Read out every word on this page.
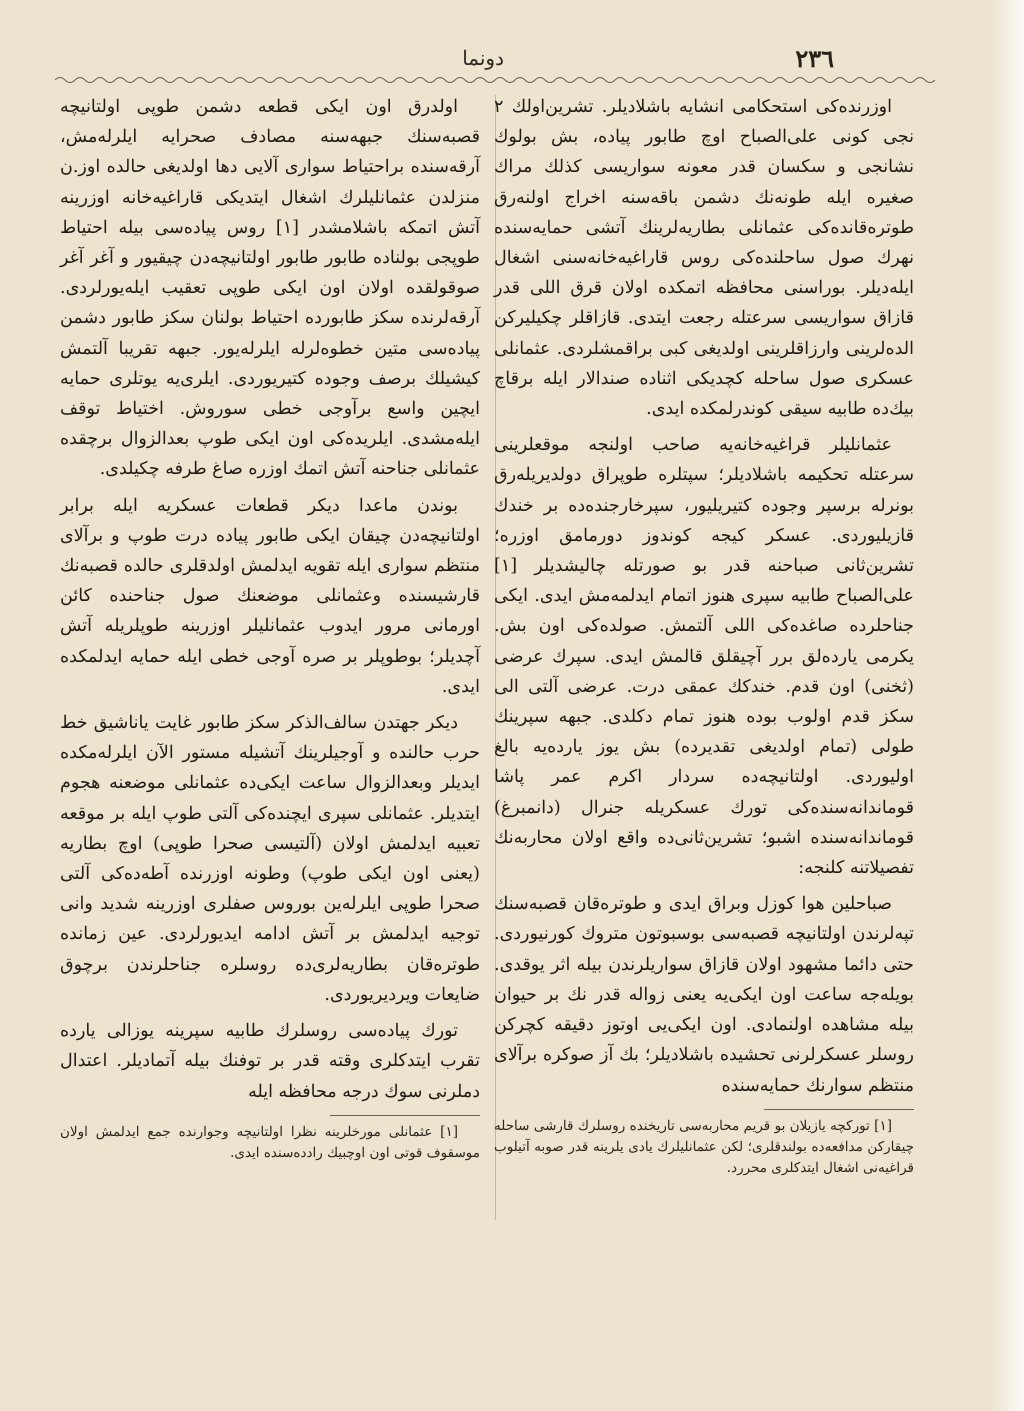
٢٣٦
دونما

اوزرنده‌کی استحکامی انشایه باشلادیلر. تشرین‌اولك ٢ نجی کونی علی‌الصباح اوچ طابور پیاده، بش بولوك نشانجی و سکسان قدر معونه سواریسی کذلك مراك صغیره ایله طونه‌نك دشمن باقه‌سنه اخراج اولنه‌رق طوتره‌قانده‌کی عثمانلی بطاریه‌لرینك آتشی حمایه‌سنده نهرك صول ساحلنده‌کی روس قاراغیه‌خانه‌سنی اشغال ایله‌دیلر. بوراسنی محافظه اتمکده اولان قرق اللی قدر قازاق سواریسی سرعتله رجعت ایتدی. قازاقلر چکیلیرکن الده‌لرینی وارزاقلرینی اولدیغی کبی براقمشلردی. عثمانلی عسکری صول ساحله کچدیکی اثناده صندالار ایله برقاچ بیك‌ده طابیه سیقی کوندرلمکده ایدی.

عثمانلیلر قراغیه‌خانه‌یه صاحب اولنجه موقعلرینی سرعتله تحکیمه باشلادیلر؛ سپتلره طوپراق دولدیریله‌رق بونرله برسپر وجوده کتیریلیور، سپرخارجنده‌ده بر خندك قازیلیوردی. عسکر کیجه کوندوز دورمامق اوزره؛ تشرین‌ثانی صباحنه قدر بو صورتله چالیشدیلر [١] علی‌الصباح طابیه سپری هنوز اتمام ایدلمه‌مش ایدی. ایکی جناحلرده صاغده‌کی اللی آلتمش. صولده‌کی اون بش. یکرمی یارده‌لق برر آچیقلق قالمش ایدی. سپرك عرضی (ثخنی) اون قدم. خندکك عمقی درت. عرضی آلتی الی سکز قدم اولوب بوده هنوز تمام دکلدی. جبهه سپرینك طولی (تمام اولدیغی تقدیرده) بش یوز یارده‌یه بالغ اولیوردی. اولتانیچه‌ده سردار اکرم عمر پاشا قوماندانه‌سنده‌کی تورك عسکریله جنرال (دانمبرغ) قوماندانه‌سنده اشبو؛ تشرین‌ثانی‌ده واقع اولان محاربه‌نك تفصیلاتنه کلنجه:

صباحلین هوا کوزل وبراق ایدی و طوتره‌قان قصبه‌سنك تپه‌لرندن اولتانیچه قصبه‌سی بوسبوتون متروك کورنیوردی. حتی دائما مشهود اولان قازاق سواریلرندن بیله اثر یوقدی. بویله‌جه ساعت اون ایکی‌یه یعنی زواله قدر نك بر حیوان بیله مشاهده اولنمادی. اون ایکی‌یی اوتوز دقیقه کچرکن روسلر عسکرلرنی تحشیده باشلادیلر؛ بك آز صوکره برآلای منتظم سوارنك حمایه‌سنده

[١] تورکچه یازیلان بو قریم محاربه‌سی تاریخنده روسلرك قارشی ساحله چیقارکن مدافعه‌ده بولندقلری؛ لکن عثمانلیلرك یادی یلرینه قدر صوبه آتیلوب قراغیه‌نی اشغال ایتدکلری محررد.

اولدرق اون ایکی قطعه دشمن طوپی اولتانیچه قصبه‌سنك جبهه‌سنه مصادف صحرایه ایلرله‌مش، آرقه‌سنده براحتیاط سواری آلایی دها اولدیغی حالده اوز.ن منزلدن عثمانلیلرك اشغال ایتدیکی قاراغیه‌خانه اوزرینه آتش اتمکه باشلامشدر [١] روس پیاده‌سی بیله احتیاط طوپجی بولنادە طابور طابور اولتانیچه‌دن چیقیور و آغر آغر صوقولقده اولان اون ایکی طوپی تعقیب ایله‌یورلردی. آرقه‌لرنده سکز طابورده احتیاط بولنان سکز طابور دشمن پیاده‌سی متین خطوه‌لرله ایلرله‌یور. جبهه تقریبا آلتمش کیشیلك برصف وجوده کتیریوردی. ایلری‌یه یوتلری حمایه ایچین واسع برآوجی خطی سوروش. اختیاط توقف ایله‌مشدی. ایلریده‌کی اون ایکی طوپ بعدالزوال برچقده عثمانلی جناحنه آتش اتمك اوزره صاغ طرفه چکیلدی.

بوندن ماعدا دیکر قطعات عسکریه ایله برابر اولتانیچه‌دن چیقان ایکی طابور پیاده درت طوپ و برآلای منتظم سواری ایله تقویه ایدلمش اولدقلری حالده قصبه‌نك قارشیسنده وعثمانلی موضعنك صول جناحنده کائن اورمانی مرور ایدوب عثمانلیلر اوزرینه طوپلریله آتش آچدیلر؛ بوطوپلر بر صره آوجی خطی ایله حمایه ایدلمکده ایدی.

دیکر جهتدن سالف‌الذکر سکز طابور غایت یاناشیق خط حرب حالنده و آوجیلرینك آتشیله مستور الآن ایلرله‌مکده ایدیلر وبعدالزوال ساعت ایکی‌ده عثمانلی موضعنه هجوم ایتدیلر. عثمانلی سپری ایچنده‌کی آلتی طوپ ایله بر موقعه تعبیه ایدلمش اولان (آلتیسی صحرا طوپی) اوچ بطاریه (یعنی اون ایکی طوپ) وطونه اوزرنده آطه‌ده‌کی آلتی صحرا طوپی ایلرله‌ین بوروس صفلری اوزرینه شدید وانی توجیه ایدلمش بر آتش ادامه ایدیورلردی. عین زمانده طوتره‌قان بطاریه‌لری‌ده روسلره جناحلرندن برچوق ضایعات ویردیریوردی.

تورك پیاده‌سی روسلرك طابیه سپرینه یوزالی یارده تقرب ایتدکلری وقته قدر بر توفنك بیله آتمادیلر. اعتدال دملرنی سوك درجه محافظه ایله

[١] عثمانلی مورخلرینه نظرا اولتانیچه وجوارنده جمع ایدلمش اولان موسقوف قوتی اون اوچبیك رادده‌سنده ایدی.
